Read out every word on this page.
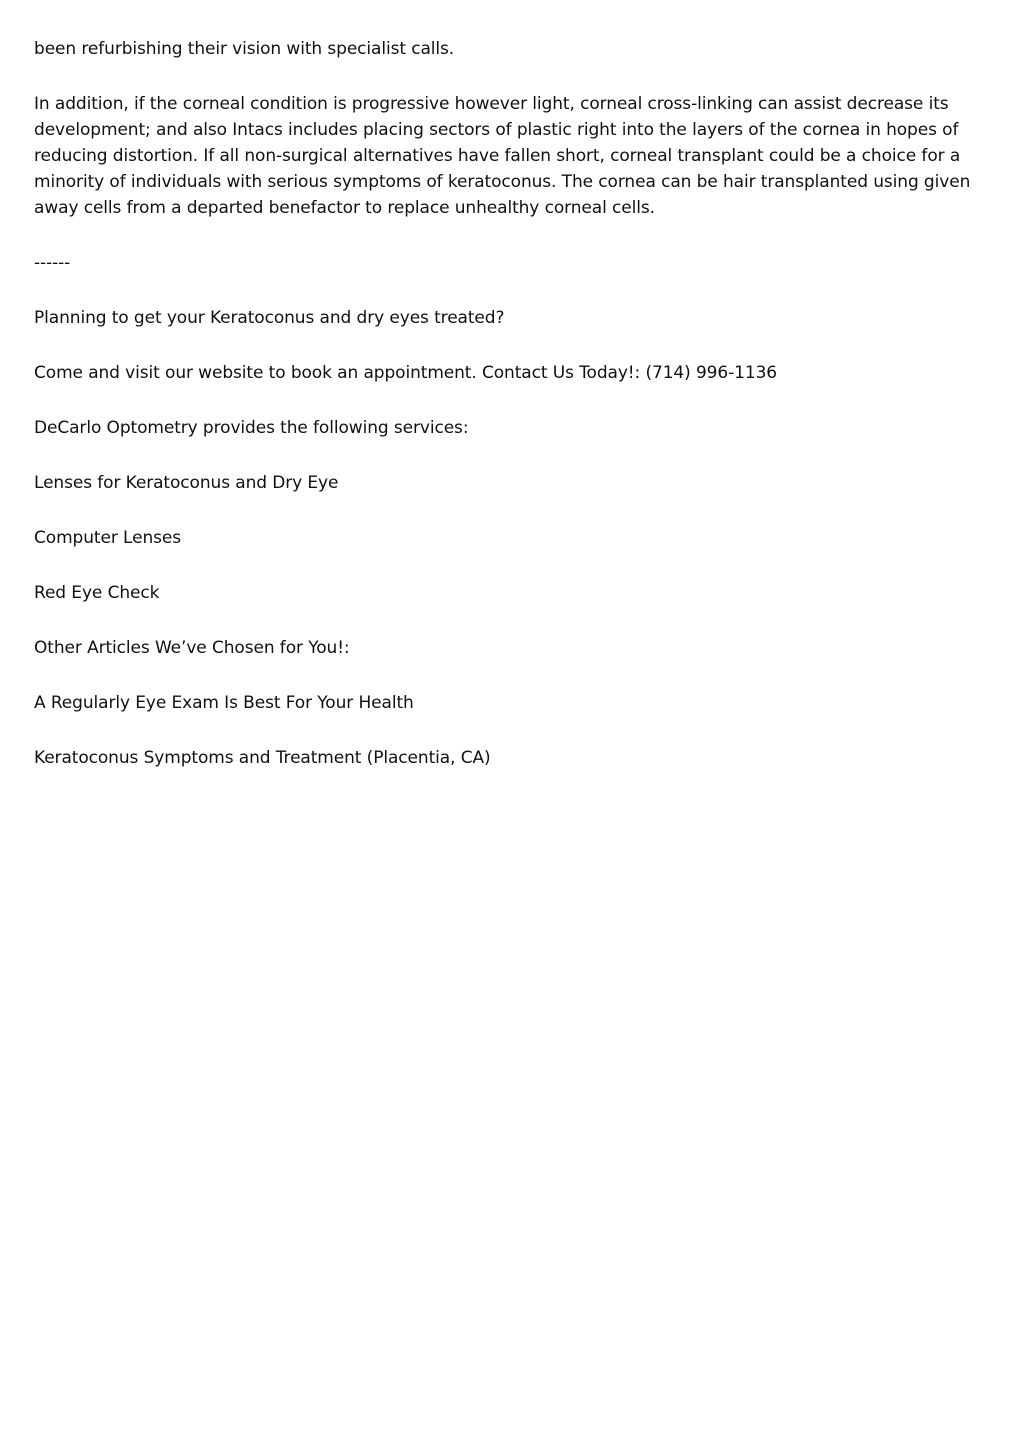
been refurbishing their vision with specialist calls.

In addition, if the corneal condition is progressive however light, corneal cross-linking can assist decrease its development; and also Intacs includes placing sectors of plastic right into the layers of the cornea in hopes of reducing distortion. If all non-surgical alternatives have fallen short, corneal transplant could be a choice for a minority of individuals with serious symptoms of keratoconus. The cornea can be hair transplanted using given away cells from a departed benefactor to replace unhealthy corneal cells.

------

Planning to get your Keratoconus and dry eyes treated?

Come and visit our website to book an appointment. Contact Us Today!: (714) 996-1136

DeCarlo Optometry provides the following services:

Lenses for Keratoconus and Dry Eye

Computer Lenses

Red Eye Check

Other Articles We’ve Chosen for You!:

A Regularly Eye Exam Is Best For Your Health

Keratoconus Symptoms and Treatment (Placentia, CA)
